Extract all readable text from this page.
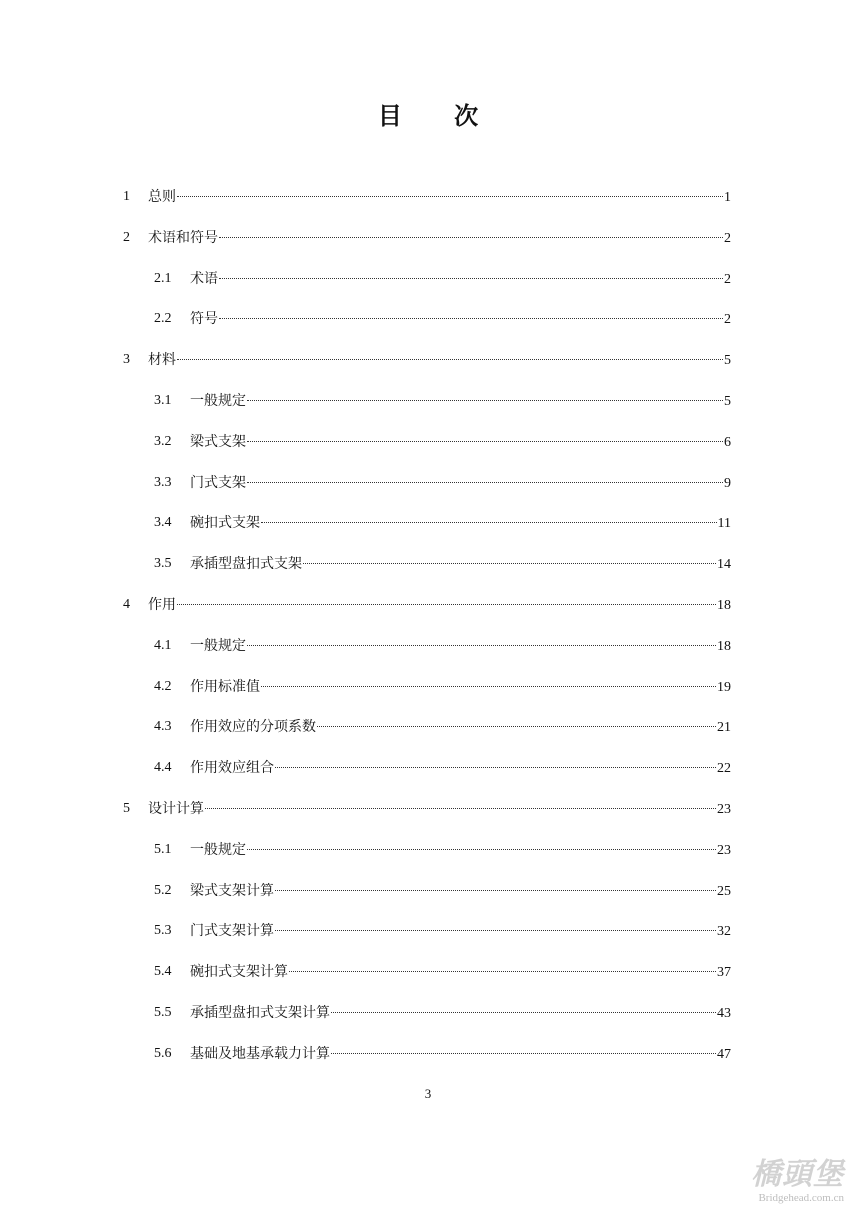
目 次
1 总则	1
2 术语和符号	2
2.1 术语	2
2.2 符号	2
3 材料	5
3.1 一般规定	5
3.2 梁式支架	6
3.3 门式支架	9
3.4 碗扣式支架	11
3.5 承插型盘扣式支架	14
4 作用	18
4.1 一般规定	18
4.2 作用标准值	19
4.3 作用效应的分项系数	21
4.4 作用效应组合	22
5 设计计算	23
5.1 一般规定	23
5.2 梁式支架计算	25
5.3 门式支架计算	32
5.4 碗扣式支架计算	37
5.5 承插型盘扣式支架计算	43
5.6 基础及地基承载力计算	47
3
橋頭堡
Bridgehead.com.cn
